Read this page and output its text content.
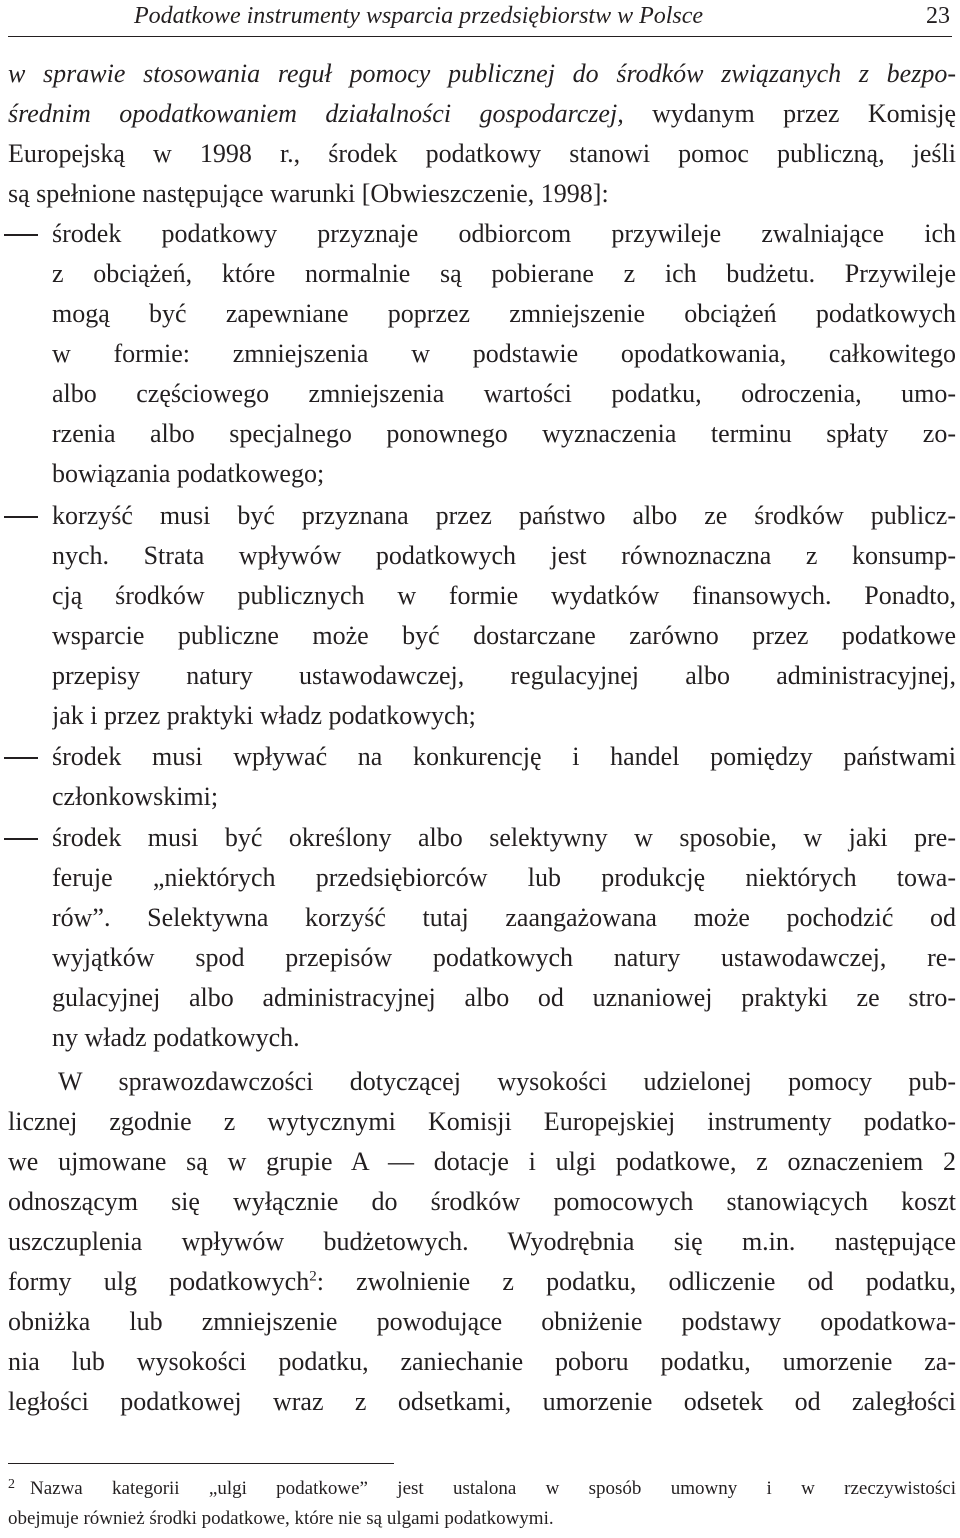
Podatkowe instrumenty wsparcia przedsiębiorstw w Polsce	23
w sprawie stosowania reguł pomocy publicznej do środków związanych z bezpo-
średnim opodatkowaniem działalności gospodarczej, wydanym przez Komisję
Europejską w 1998 r., środek podatkowy stanowi pomoc publiczną, jeśli
są spełnione następujące warunki [Obwieszczenie, 1998]:
środek podatkowy przyznaje odbiorcom przywileje zwalniające ich
z obciążeń, które normalnie są pobierane z ich budżetu. Przywileje
mogą być zapewniane poprzez zmniejszenie obciążeń podatkowych
w formie: zmniejszenia w podstawie opodatkowania, całkowitego
albo częściowego zmniejszenia wartości podatku, odroczenia, umo-
rzenia albo specjalnego ponownego wyznaczenia terminu spłaty zo-
bowiązania podatkowego;
korzyść musi być przyznana przez państwo albo ze środków publicz-
nych. Strata wpływów podatkowych jest równoznaczna z konsump-
cją środków publicznych w formie wydatków finansowych. Ponadto,
wsparcie publiczne może być dostarczane zarówno przez podatkowe
przepisy natury ustawodawczej, regulacyjnej albo administracyjnej,
jak i przez praktyki władz podatkowych;
środek musi wpływać na konkurencję i handel pomiędzy państwami
członkowskimi;
środek musi być określony albo selektywny w sposobie, w jaki pre-
feruje „niektórych przedsiębiorców lub produkcję niektórych towa-
rów”. Selektywna korzyść tutaj zaangażowana może pochodzić od
wyjątków spod przepisów podatkowych natury ustawodawczej, re-
gulacyjnej albo administracyjnej albo od uznaniowej praktyki ze stro-
ny władz podatkowych.
W sprawozdawczości dotyczącej wysokości udzielonej pomocy pub-
licznej zgodnie z wytycznymi Komisji Europejskiej instrumenty podatko-
we ujmowane są w grupie A — dotacje i ulgi podatkowe, z oznaczeniem 2
odnoszącym się wyłącznie do środków pomocowych stanowiących koszt
uszczuplenia wpływów budżetowych. Wyodrębnia się m.in. następujące
formy ulg podatkowych$^2$: zwolnienie z podatku, odliczenie od podatku,
obniżka lub zmniejszenie powodujące obniżenie podstawy opodatkowa-
nia lub wysokości podatku, zaniechanie poboru podatku, umorzenie za-
ległości podatkowej wraz z odsetkami, umorzenie odsetek od zaległości
2 Nazwa kategorii „ulgi podatkowe” jest ustalona w sposób umowny i w rzeczywistości
obejmuje również środki podatkowe, które nie są ulgami podatkowymi.
